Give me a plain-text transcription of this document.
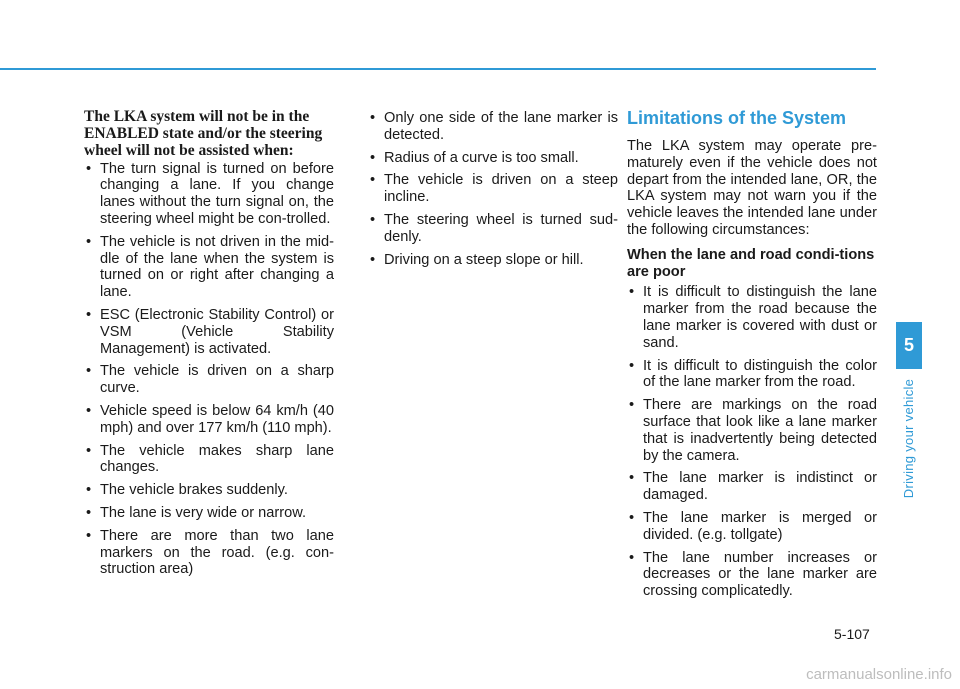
The LKA system will not be in the ENABLED state and/or the steering wheel will not be assisted when:

• The turn signal is turned on before changing a lane. If you change lanes without the turn signal on, the steering wheel might be con-trolled.
• The vehicle is not driven in the mid-dle of the lane when the system is turned on or right after changing a lane.
• ESC (Electronic Stability Control) or VSM (Vehicle Stability Management) is activated.
• The vehicle is driven on a sharp curve.
• Vehicle speed is below 64 km/h (40 mph) and over 177 km/h (110 mph).
• The vehicle makes sharp lane changes.
• The vehicle brakes suddenly.
• The lane is very wide or narrow.
• There are more than two lane markers on the road. (e.g. con-struction area)
• Only one side of the lane marker is detected.
• Radius of a curve is too small.
• The vehicle is driven on a steep incline.
• The steering wheel is turned sud-denly.
• Driving on a steep slope or hill.
Limitations of the System

The LKA system may operate pre-maturely even if the vehicle does not depart from the intended lane, OR, the LKA system may not warn you if the vehicle leaves the intended lane under the following circumstances:

When the lane and road condi-tions are poor

• It is difficult to distinguish the lane marker from the road because the lane marker is covered with dust or sand.
• It is difficult to distinguish the color of the lane marker from the road.
• There are markings on the road surface that look like a lane marker that is inadvertently being detected by the camera.
• The lane marker is indistinct or damaged.
• The lane marker is merged or divided. (e.g. tollgate)
• The lane number increases or decreases or the lane marker are crossing complicatedly.
5
Driving your vehicle
5-107
carmanualsonline.info
